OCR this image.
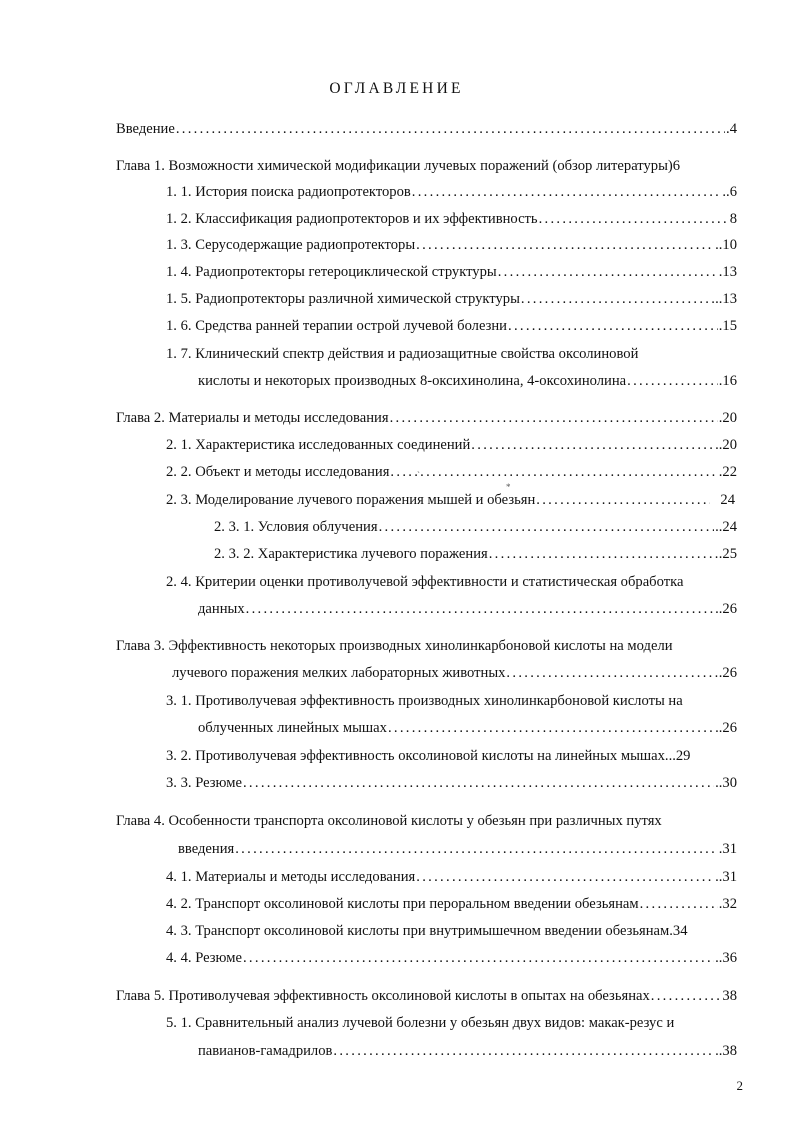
ОГЛАВЛЕНИЕ
Введение .....	.4
Глава 1. Возможности химической модификации лучевых поражений (обзор литературы)6
1. 1. История поиска радиопротекторов .....	..6
1. 2. Классификация радиопротекторов и их эффективность .....	8
1. 3. Серусодержащие радиопротекторы .....	..10
1. 4. Радиопротекторы гетероциклической структуры .....	.13
1. 5. Радиопротекторы различной химической структуры .....	..13
1. 6. Средства ранней терапии острой лучевой болезни .....	.15
1. 7. Клинический спектр действия и радиозащитные свойства оксолиновой
кислоты и некоторых производных 8-оксихинолина, 4-оксохинолина .....	.16
Глава 2. Материалы и методы исследования .....	.20
2. 1. Характеристика исследованных соединений .....	.20
2. 2. Объект и методы исследования .....	.22
2. 3. Моделирование лучевого поражения мышей и обезьян .....	24
2. 3. 1. Условия облучения .....	..24
2. 3. 2. Характеристика лучевого поражения .....	.25
2. 4. Критерии оценки противолучевой эффективности и статистическая обработка
данных .....	..26
Глава 3. Эффективность некоторых производных хинолинкарбоновой кислоты на модели
лучевого поражения мелких лабораторных животных .....	.26
3. 1. Противолучевая эффективность производных хинолинкарбоновой кислоты на
облученных линейных мышах .....	.26
3. 2. Противолучевая эффективность оксолиновой кислоты на линейных мышах...29
3. 3. Резюме .....	..30
Глава 4. Особенности транспорта оксолиновой кислоты у обезьян при различных путях
введения .....	.31
4. 1. Материалы и методы исследования .....	..31
4. 2. Транспорт оксолиновой кислоты при пероральном введении обезьянам .....	.32
4. 3. Транспорт оксолиновой кислоты при внутримышечном введении обезьянам.34
4. 4. Резюме .....	..36
Глава 5. Противолучевая эффективность оксолиновой кислоты в опытах на обезьянах .....	38
5. 1. Сравнительный анализ лучевой болезни у обезьян двух видов: макак-резус и
павианов-гамадрилов .....	..38
`
*
2
